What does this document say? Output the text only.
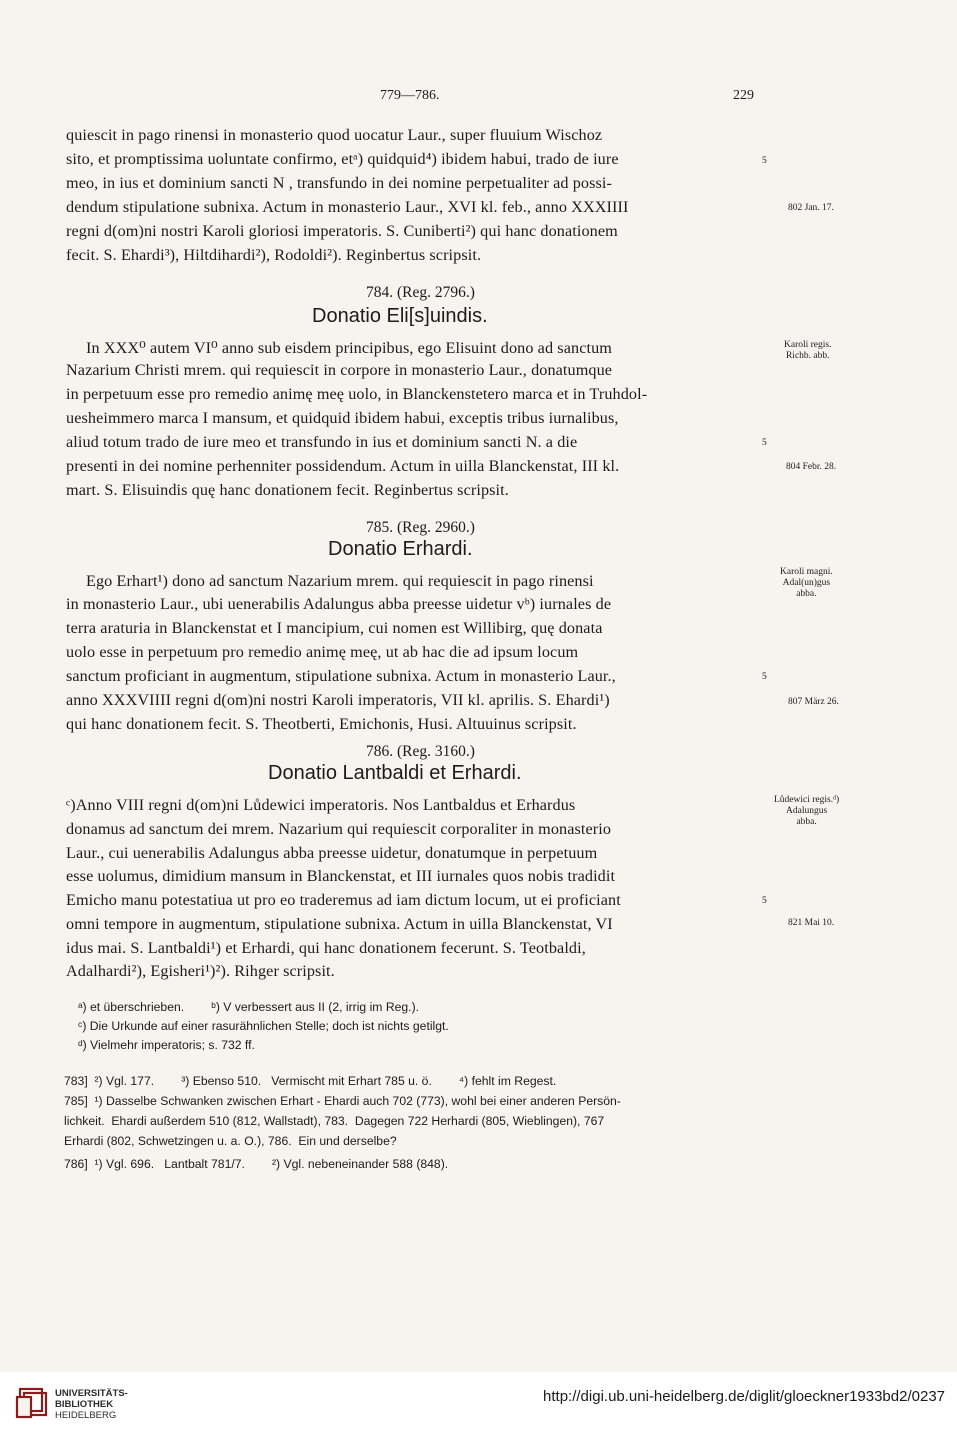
779—786.	229
quiescit in pago rinensi in monasterio quod uocatur Laur., super fluuium Wischoz
sito, et promptissima uoluntate confirmo, etᵃ) quidquid⁴) ibidem habui, trado de iure
meo, in ius et dominium sancti N , transfundo in dei nomine perpetualiter ad possi-
dendum stipulatione subnixa. Actum in monasterio Laur., XVI kl. feb., anno XXXIIII
regni d(om)ni nostri Karoli gloriosi imperatoris. S. Cuniberti²) qui hanc donationem
fecit. S. Ehardi³), Hiltdihardi²), Rodoldi²). Reginbertus scripsit.
5
802 Jan. 17.
784. (Reg. 2796.)
Donatio Eli[s]uindis.
In XXX⁰ autem VI⁰ anno sub eisdem principibus, ego Elisuint dono ad sanctum
Nazarium Christi mrem. qui requiescit in corpore in monasterio Laur., donatumque
in perpetuum esse pro remedio animę meę uolo, in Blanckenstetero marca et in Truhdol-
uesheimmero marca I mansum, et quidquid ibidem habui, exceptis tribus iurnalibus,
aliud totum trado de iure meo et transfundo in ius et dominium sancti N. a die
presenti in dei nomine perhenniter possidendum. Actum in uilla Blanckenstat, III kl.
mart. S. Elisuindis quę hanc donationem fecit. Reginbertus scripsit.
Karoli regis.
Richb. abb.
5
804 Febr. 28.
785. (Reg. 2960.)
Donatio Erhardi.
Ego Erhart¹) dono ad sanctum Nazarium mrem. qui requiescit in pago rinensi
in monasterio Laur., ubi uenerabilis Adalungus abba preesse uidetur vᵇ) iurnales de
terra araturia in Blanckenstat et I mancipium, cui nomen est Willibirg, quę donata
uolo esse in perpetuum pro remedio animę meę, ut ab hac die ad ipsum locum
sanctum proficiant in augmentum, stipulatione subnixa. Actum in monasterio Laur.,
anno XXXVIIII regni d(om)ni nostri Karoli imperatoris, VII kl. aprilis. S. Ehardi¹)
qui hanc donationem fecit. S. Theotberti, Emichonis, Husi. Altuuinus scripsit.
Karoli magni.
Adal(un)gus
abba.
5
807 März 26.
786. (Reg. 3160.)
Donatio Lantbaldi et Erhardi.
ᶜ)Anno VIII regni d(om)ni Lůdewici imperatoris. Nos Lantbaldus et Erhardus
donamus ad sanctum dei mrem. Nazarium qui requiescit corporaliter in monasterio
Laur., cui uenerabilis Adalungus abba preesse uidetur, donatumque in perpetuum
esse uolumus, dimidium mansum in Blanckenstat, et III iurnales quos nobis tradidit
Emicho manu potestatiua ut pro eo traderemus ad iam dictum locum, ut ei proficiant
omni tempore in augmentum, stipulatione subnixa. Actum in uilla Blanckenstat, VI
idus mai. S. Lantbaldi¹) et Erhardi, qui hanc donationem fecerunt. S. Teotbaldi,
Adalhardi²), Egisheri¹)²). Rihger scripsit.
Lůdewici regis.ᵈ)
Adalungus
abba.
5
821 Mai 10.
ᵃ) et überschrieben.        ᵇ) V verbessert aus II (2, irrig im Reg.).
ᶜ) Die Urkunde auf einer rasurähnlichen Stelle; doch ist nichts getilgt.
ᵈ) Vielmehr imperatoris; s. 732 ff.
783]  ²) Vgl. 177.        ³) Ebenso 510.   Vermischt mit Erhart 785 u. ö.        ⁴) fehlt im Regest.
785]  ¹) Dasselbe Schwanken zwischen Erhart - Ehardi auch 702 (773), wohl bei einer anderen Persön-
lichkeit.  Ehardi außerdem 510 (812, Wallstadt), 783.  Dagegen 722 Herhardi (805, Wieblingen), 767
Erhardi (802, Schwetzingen u. a. O.), 786.  Ein und derselbe?
786]  ¹) Vgl. 696.   Lantbalt 781/7.        ²) Vgl. nebeneinander 588 (848).
UNIVERSITÄTS-
BIBLIOTHEK
HEIDELBERG
http://digi.ub.uni-heidelberg.de/diglit/gloeckner1933bd2/0237
